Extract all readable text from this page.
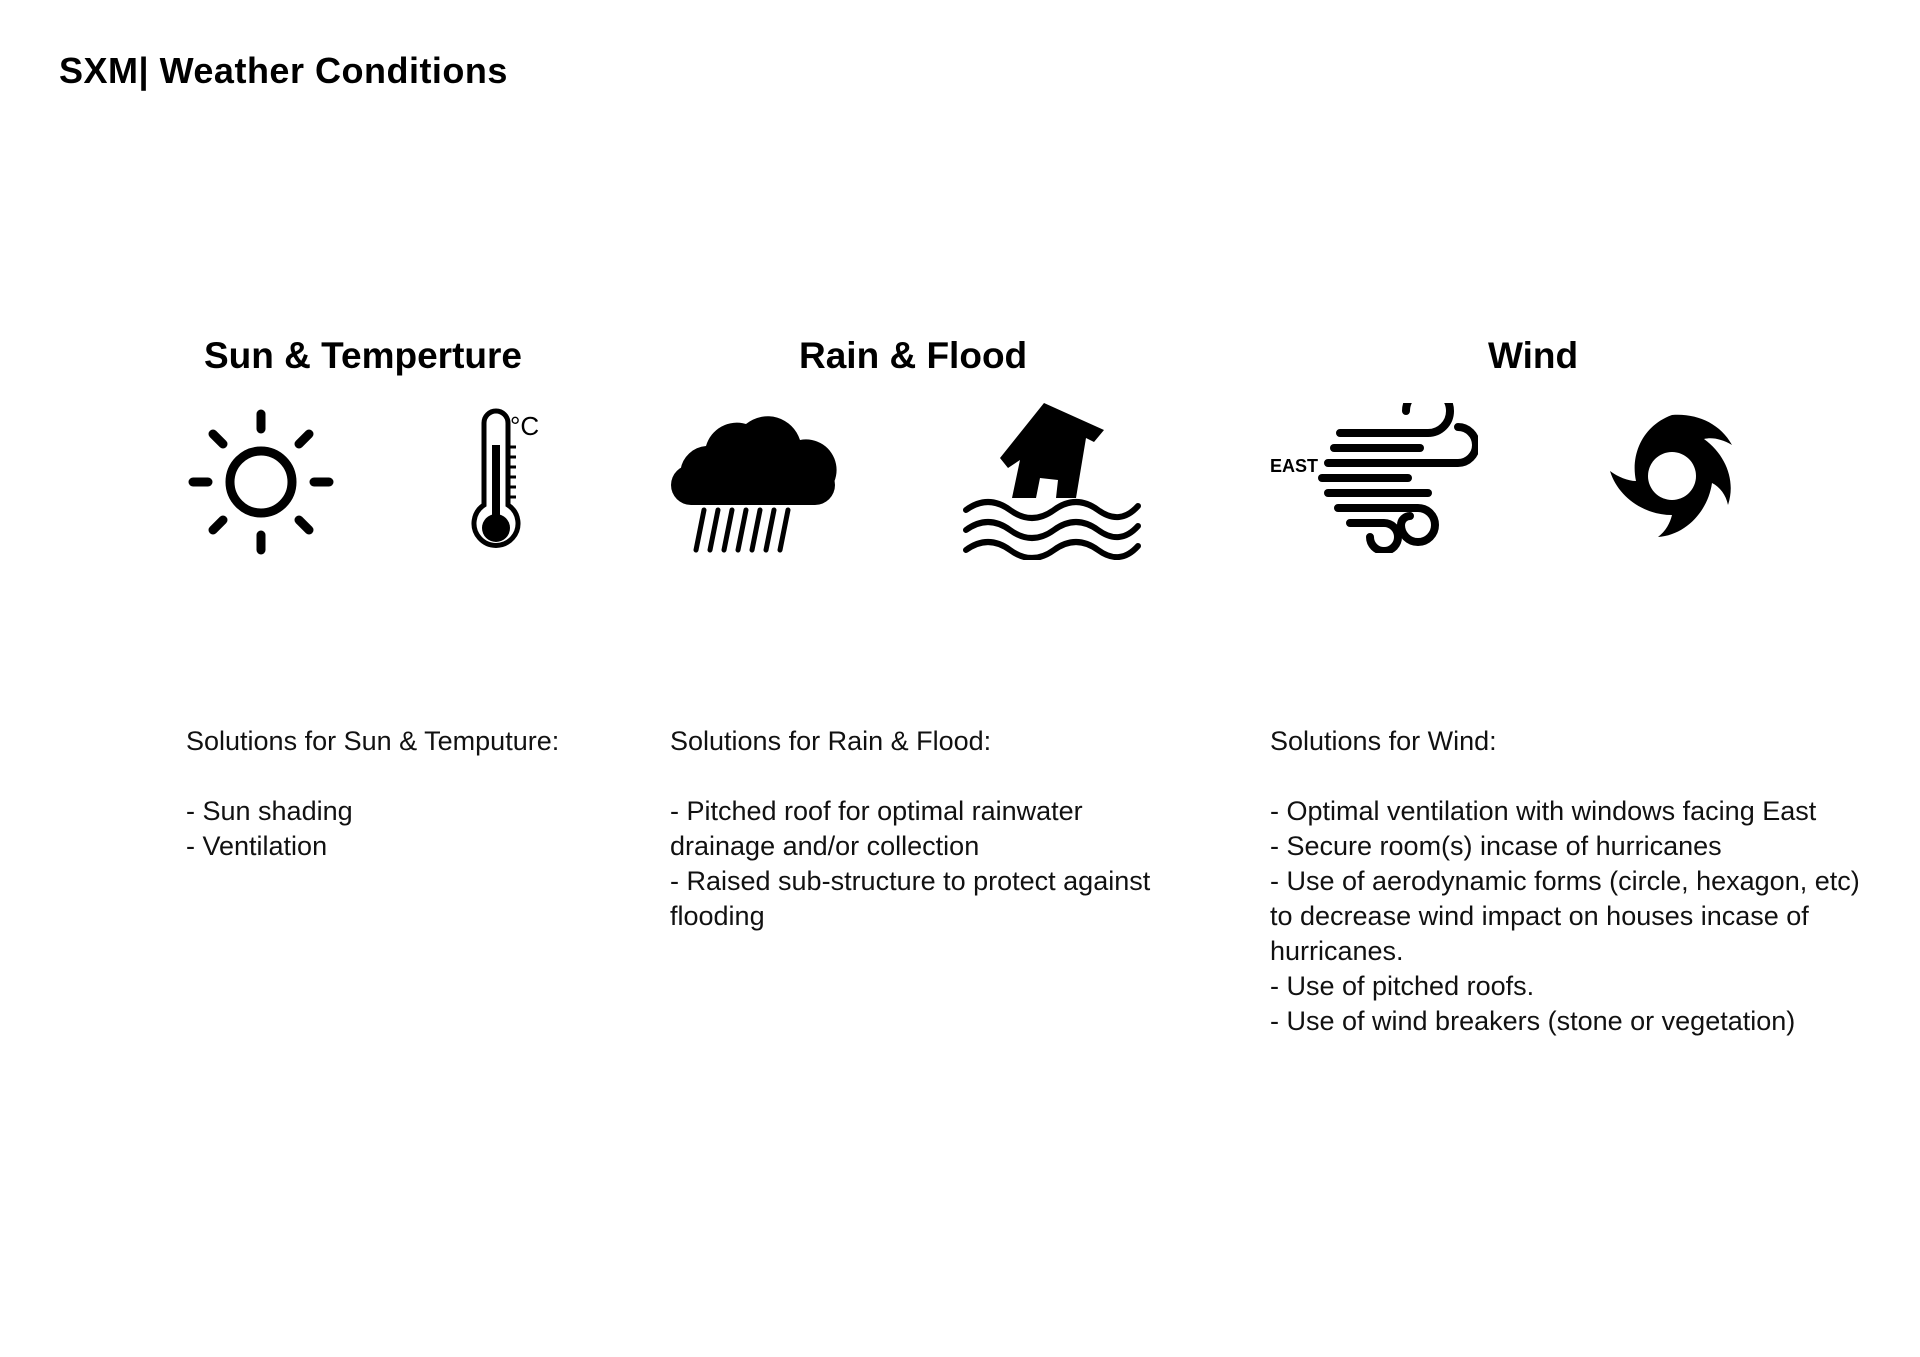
SXM| Weather Conditions
Sun & Temperture	Rain & Flood	Wind
°C
EAST

Solutions for Sun & Temputure:

- Sun shading
- Ventilation

Solutions for Rain & Flood:

- Pitched roof for optimal rainwater drainage and/or collection
- Raised sub-structure to protect against flooding

Solutions for Wind:

- Optimal ventilation with windows facing East
- Secure room(s) incase of hurricanes
- Use of aerodynamic forms (circle, hexagon, etc) to decrease wind impact on houses incase of hurricanes.
- Use of pitched roofs.
- Use of wind breakers (stone or vegetation)
